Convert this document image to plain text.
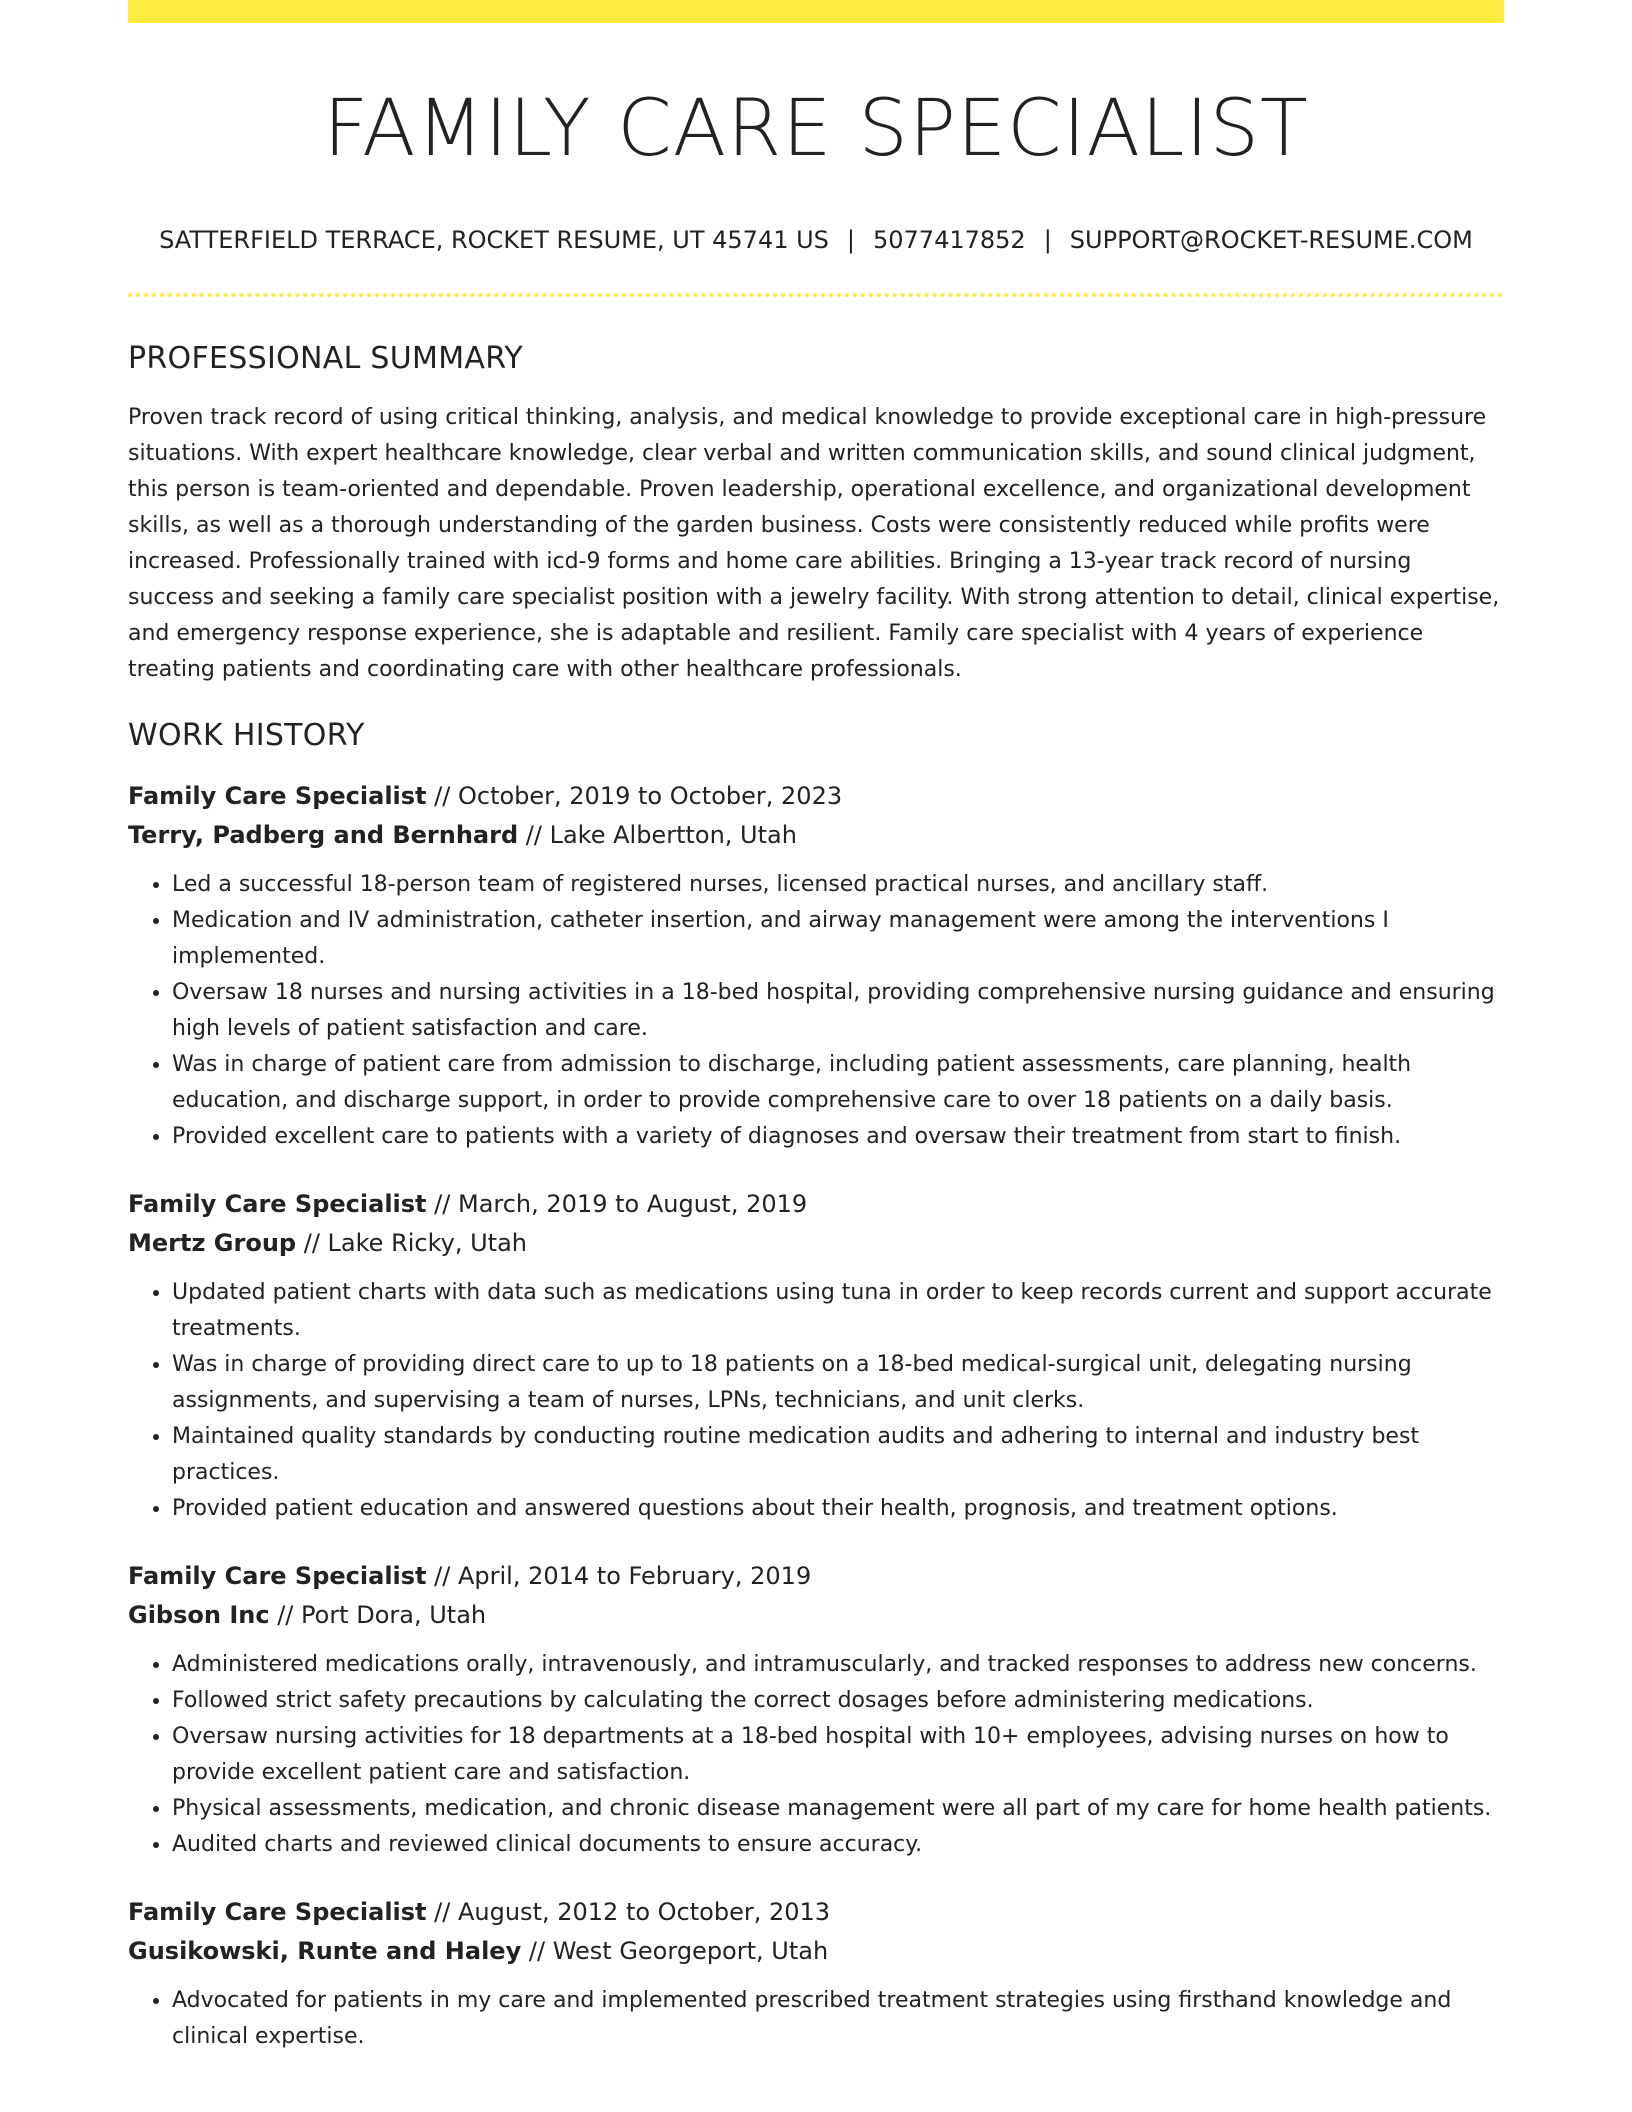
FAMILY CARE SPECIALIST
SATTERFIELD TERRACE, ROCKET RESUME, UT 45741 US | 5077417852 | SUPPORT@ROCKET-RESUME.COM
PROFESSIONAL SUMMARY
Proven track record of using critical thinking, analysis, and medical knowledge to provide exceptional care in high-pressure situations. With expert healthcare knowledge, clear verbal and written communication skills, and sound clinical judgment, this person is team-oriented and dependable. Proven leadership, operational excellence, and organizational development skills, as well as a thorough understanding of the garden business. Costs were consistently reduced while profits were increased. Professionally trained with icd-9 forms and home care abilities. Bringing a 13-year track record of nursing success and seeking a family care specialist position with a jewelry facility. With strong attention to detail, clinical expertise, and emergency response experience, she is adaptable and resilient. Family care specialist with 4 years of experience treating patients and coordinating care with other healthcare professionals.
WORK HISTORY
Family Care Specialist // October, 2019 to October, 2023
Terry, Padberg and Bernhard // Lake Albertton, Utah
• Led a successful 18-person team of registered nurses, licensed practical nurses, and ancillary staff.
• Medication and IV administration, catheter insertion, and airway management were among the interventions I implemented.
• Oversaw 18 nurses and nursing activities in a 18-bed hospital, providing comprehensive nursing guidance and ensuring high levels of patient satisfaction and care.
• Was in charge of patient care from admission to discharge, including patient assessments, care planning, health education, and discharge support, in order to provide comprehensive care to over 18 patients on a daily basis.
• Provided excellent care to patients with a variety of diagnoses and oversaw their treatment from start to finish.
Family Care Specialist // March, 2019 to August, 2019
Mertz Group // Lake Ricky, Utah
• Updated patient charts with data such as medications using tuna in order to keep records current and support accurate treatments.
• Was in charge of providing direct care to up to 18 patients on a 18-bed medical-surgical unit, delegating nursing assignments, and supervising a team of nurses, LPNs, technicians, and unit clerks.
• Maintained quality standards by conducting routine medication audits and adhering to internal and industry best practices.
• Provided patient education and answered questions about their health, prognosis, and treatment options.
Family Care Specialist // April, 2014 to February, 2019
Gibson Inc // Port Dora, Utah
• Administered medications orally, intravenously, and intramuscularly, and tracked responses to address new concerns.
• Followed strict safety precautions by calculating the correct dosages before administering medications.
• Oversaw nursing activities for 18 departments at a 18-bed hospital with 10+ employees, advising nurses on how to provide excellent patient care and satisfaction.
• Physical assessments, medication, and chronic disease management were all part of my care for home health patients.
• Audited charts and reviewed clinical documents to ensure accuracy.
Family Care Specialist // August, 2012 to October, 2013
Gusikowski, Runte and Haley // West Georgeport, Utah
• Advocated for patients in my care and implemented prescribed treatment strategies using firsthand knowledge and clinical expertise.
